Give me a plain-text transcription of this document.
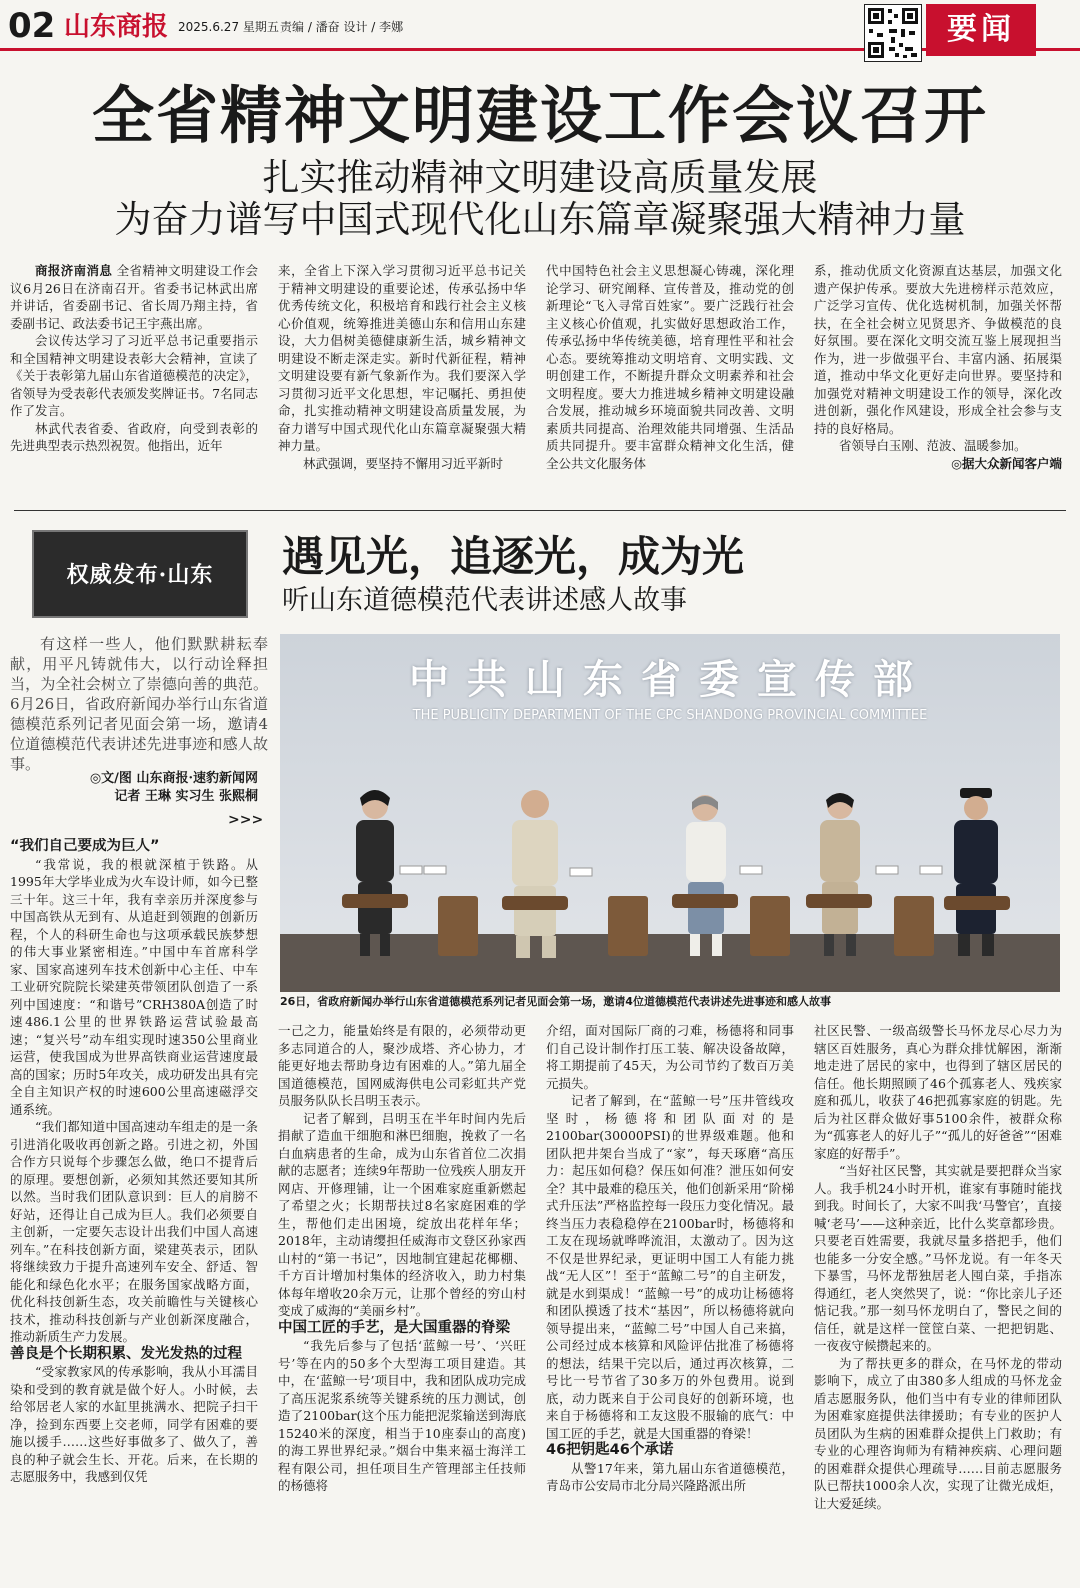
02 山东商报 2025.6.27 星期五 责编 / 潘奋 设计 / 李娜	要闻
全省精神文明建设工作会议召开
扎实推动精神文明建设高质量发展
为奋力谱写中国式现代化山东篇章凝聚强大精神力量

商报济南消息 全省精神文明建设工作会议6月26日在济南召开。省委书记林武出席并讲话，省委副书记、省长周乃翔主持，省委副书记、政法委书记王宇燕出席。

会议传达学习了习近平总书记重要指示和全国精神文明建设表彰大会精神，宣读了《关于表彰第九届山东省道德模范的决定》，省领导为受表彰代表颁发奖牌证书。7名同志作了发言。

林武代表省委、省政府，向受到表彰的先进典型表示热烈祝贺。他指出，近年

来，全省上下深入学习贯彻习近平总书记关于精神文明建设的重要论述，传承弘扬中华优秀传统文化，积极培育和践行社会主义核心价值观，统筹推进美德山东和信用山东建设，大力倡树美德健康新生活，城乡精神文明建设不断走深走实。新时代新征程，精神文明建设要有新气象新作为。我们要深入学习贯彻习近平文化思想，牢记嘱托、勇担使命，扎实推动精神文明建设高质量发展，为奋力谱写中国式现代化山东篇章凝聚强大精神力量。

林武强调，要坚持不懈用习近平新时

代中国特色社会主义思想凝心铸魂，深化理论学习、研究阐释、宣传普及，推动党的创新理论“飞入寻常百姓家”。要广泛践行社会主义核心价值观，扎实做好思想政治工作，传承弘扬中华传统美德，培育理性平和社会心态。要统筹推动文明培育、文明实践、文明创建工作，不断提升群众文明素养和社会文明程度。要大力推进城乡精神文明建设融合发展，推动城乡环境面貌共同改善、文明素质共同提高、治理效能共同增强、生活品质共同提升。要丰富群众精神文化生活，健全公共文化服务体

系，推动优质文化资源直达基层，加强文化遗产保护传承。要放大先进榜样示范效应，广泛学习宣传、优化选树机制，加强关怀帮扶，在全社会树立见贤思齐、争做模范的良好氛围。要在深化文明交流互鉴上展现担当作为，进一步做强平台、丰富内涵、拓展渠道，推动中华文化更好走向世界。要坚持和加强党对精神文明建设工作的领导，深化改进创新，强化作风建设，形成全社会参与支持的良好格局。

省领导白玉刚、范波、温暖参加。

◎据大众新闻客户端

权威发布·山东	遇见光，追逐光，成为光
听山东道德模范代表讲述感人故事

有这样一些人，他们默默耕耘奉献，用平凡铸就伟大，以行动诠释担当，为全社会树立了崇德向善的典范。6月26日，省政府新闻办举行山东省道德模范系列记者见面会第一场，邀请4位道德模范代表讲述先进事迹和感人故事。

◎文/图 山东商报·速豹新闻网
记者 王琳 实习生 张熙桐
>>>
中共山东省委宣传部
THE PUBLICITY DEPARTMENT OF THE CPC SHANDONG PROVINCIAL COMMITTEE
26日，省政府新闻办举行山东省道德模范系列记者见面会第一场，邀请4位道德模范代表讲述先进事迹和感人故事

“我们自己要成为巨人”

“我常说，我的根就深植于铁路。从1995年大学毕业成为火车设计师，如今已整三十年。这三十年，我有幸亲历并深度参与中国高铁从无到有、从追赶到领跑的创新历程，个人的科研生命也与这项承载民族梦想的伟大事业紧密相连。”中国中车首席科学家、国家高速列车技术创新中心主任、中车工业研究院院长梁建英带领团队创造了一系列中国速度：“和谐号”CRH380A创造了时速486.1公里的世界铁路运营试验最高速；“复兴号”动车组实现时速350公里商业运营，使我国成为世界高铁商业运营速度最高的国家；历时5年攻关，成功研发出具有完全自主知识产权的时速600公里高速磁浮交通系统。

“我们都知道中国高速动车组走的是一条引进消化吸收再创新之路。引进之初，外国合作方只说每个步骤怎么做，绝口不提背后的原理。要想创新，必须知其然还要知其所以然。当时我们团队意识到：巨人的肩膀不好站，还得让自己成为巨人。我们必须要自主创新，一定要矢志设计出我们中国人高速列车。”在科技创新方面，梁建英表示，团队将继续致力于提升高速列车安全、舒适、智能化和绿色化水平；在服务国家战略方面，优化科技创新生态，攻关前瞻性与关键核心技术，推动科技创新与产业创新深度融合，推动新质生产力发展。

善良是个长期积累、发光发热的过程

“受家教家风的传承影响，我从小耳濡目染和受到的教育就是做个好人。小时候，去给邻居老人家的水缸里挑满水、把院子扫干净，捡到东西要上交老师，同学有困难的要施以援手……这些好事做多了、做久了，善良的种子就会生长、开花。后来，在长期的志愿服务中，我感到仅凭

一己之力，能量始终是有限的，必须带动更多志同道合的人，聚沙成塔、齐心协力，才能更好地去帮助身边有困难的人。”第九届全国道德模范，国网威海供电公司彩虹共产党员服务队队长吕明玉表示。

记者了解到，吕明玉在半年时间内先后捐献了造血干细胞和淋巴细胞，挽救了一名白血病患者的生命，成为山东省首位二次捐献的志愿者；连续9年帮助一位残疾人朋友开网店、开修理铺，让一个困难家庭重新燃起了希望之火；长期帮扶过8名家庭困难的学生，帮他们走出困境，绽放出花样年华；2018年，主动请缨担任威海市文登区孙家西山村的“第一书记”，因地制宜建起花椰棚、千方百计增加村集体的经济收入，助力村集体每年增收20余万元，让那个曾经的穷山村变成了威海的“美丽乡村”。

中国工匠的手艺，是大国重器的脊梁

“我先后参与了包括‘蓝鲸一号’、‘兴旺号’等在内的50多个大型海工项目建造。其中，在‘蓝鲸一号’项目中，我和团队成功完成了高压泥浆系统等关键系统的压力测试，创造了2100bar(这个压力能把泥浆输送到海底15240米的深度，相当于10座泰山的高度)的海工界世界纪录。”烟台中集来福士海洋工程有限公司，担任项目生产管理部主任技师的杨德将

介绍，面对国际厂商的刁难，杨德将和同事们自己设计制作打压工装、解决设备故障，将工期提前了45天，为公司节约了数百万美元损失。

记者了解到，在“蓝鲸一号”压井管线攻坚时，杨德将和团队面对的是2100bar(30000PSI)的世界级难题。他和团队把井架台当成了“家”，每天琢磨“高压力：起压如何稳？保压如何准？泄压如何安全？其中最难的稳压关，他们创新采用“阶梯式升压法”严格监控每一段压力变化情况。最终当压力表稳稳停在2100bar时，杨德将和工友在现场就哗哗流泪，太激动了。因为这不仅是世界纪录，更证明中国工人有能力挑战“无人区”！至于“蓝鲸二号”的自主研发，就是水到渠成！“蓝鲸一号”的成功让杨德将和团队摸透了技术“基因”，所以杨德将就向领导提出来，“蓝鲸二号”中国人自己来搞，公司经过成本核算和风险评估批准了杨德将的想法，结果干完以后，通过再次核算，二号比一号节省了30多万的外包费用。说到底，动力既来自于公司良好的创新环境，也来自于杨德将和工友这股不服输的底气：中国工匠的手艺，就是大国重器的脊梁！

46把钥匙46个承诺

从警17年来，第九届山东省道德模范，青岛市公安局市北分局兴隆路派出所

社区民警、一级高级警长马怀龙尽心尽力为辖区百姓服务，真心为群众排忧解困，渐渐地走进了居民的家中，也得到了辖区居民的信任。他长期照顾了46个孤寡老人、残疾家庭和孤儿，收获了46把孤寡家庭的钥匙。先后为社区群众做好事5100余件，被群众称为“孤寡老人的好儿子”“孤儿的好爸爸”“困难家庭的好帮手”。

“当好社区民警，其实就是要把群众当家人。我手机24小时开机，谁家有事随时能找到我。时间长了，大家不叫我‘马警官’，直接喊‘老马’——这种亲近，比什么奖章都珍贵。只要老百姓需要，我就尽量多搭把手，他们也能多一分安全感。”马怀龙说。有一年冬天下暴雪，马怀龙帮独居老人囤白菜，手指冻得通红，老人突然哭了，说：“你比亲儿子还惦记我。”那一刻马怀龙明白了，警民之间的信任，就是这样一筐筐白菜、一把把钥匙、一夜夜守候攒起来的。

为了帮扶更多的群众，在马怀龙的带动影响下，成立了由380多人组成的马怀龙金盾志愿服务队，他们当中有专业的律师团队为困难家庭提供法律援助；有专业的医护人员团队为生病的困难群众提供上门救助；有专业的心理咨询师为有精神疾病、心理问题的困难群众提供心理疏导……目前志愿服务队已帮扶1000余人次，实现了让微光成炬，让大爱延续。
